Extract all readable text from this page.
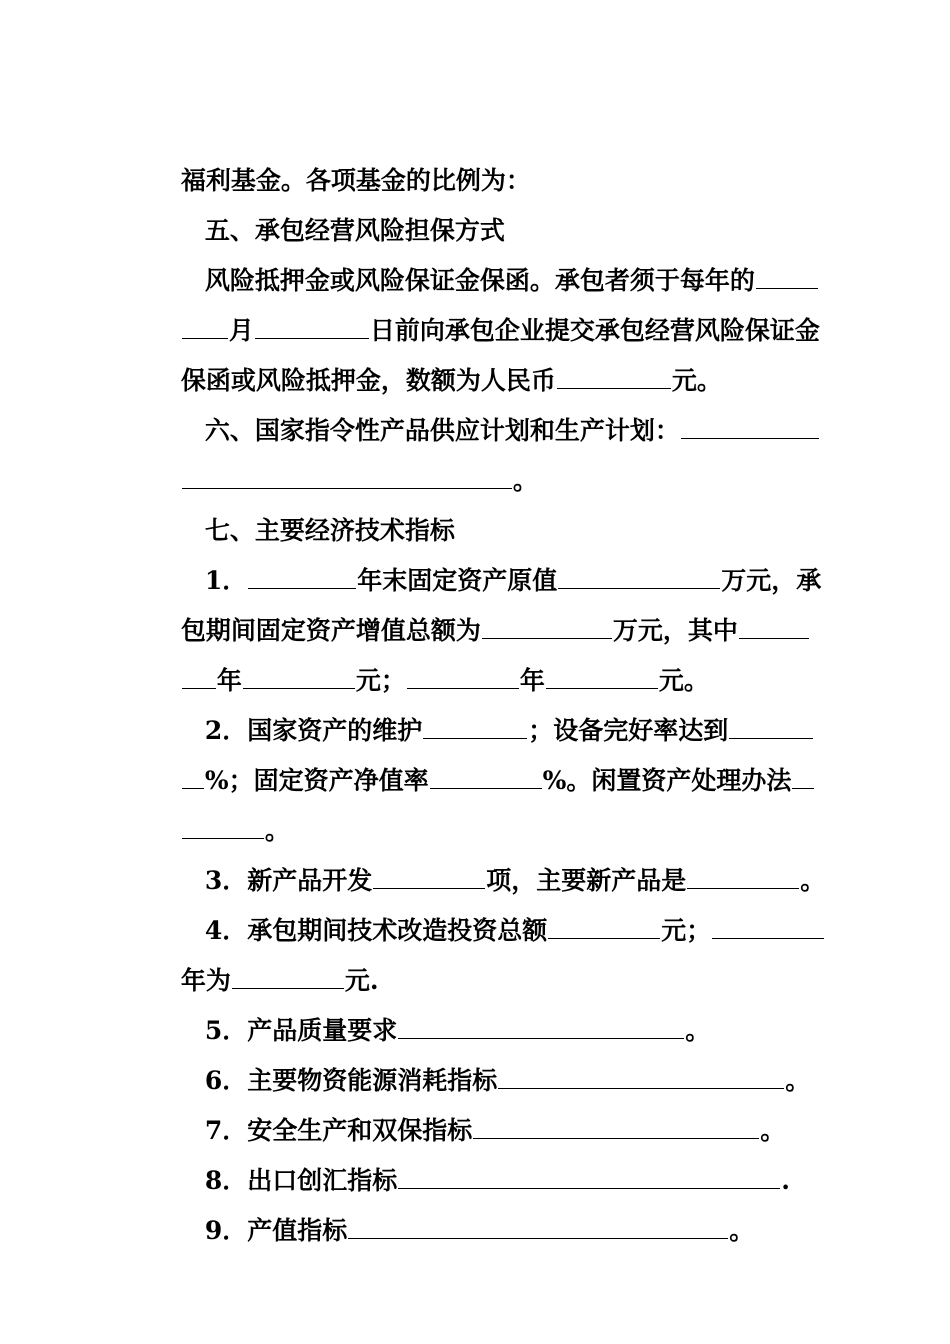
福利基金。各项基金的比例为：

五、承包经营风险担保方式

风险抵押金或风险保证金保函。承包者须于每年的

月	日前向承包企业提交承包经营风险保证金

保函或风险抵押金，数额为人民币	元。

六、国家指令性产品供应计划和生产计划：

。

七、主要经济技术指标

1．	年末固定资产原值	万元，承

包期间固定资产增值总额为	万元，其中

年	元；	年	元。

2．国家资产的维护	；设备完好率达到

%；固定资产净值率	%。闲置资产处理办法

。

3．新产品开发	项，主要新产品是	。

4．承包期间技术改造投资总额	元；

年为	元.

5．产品质量要求	。

6．主要物资能源消耗指标	。

7．安全生产和双保指标	。

8．出口创汇指标	.

9．产值指标	。
